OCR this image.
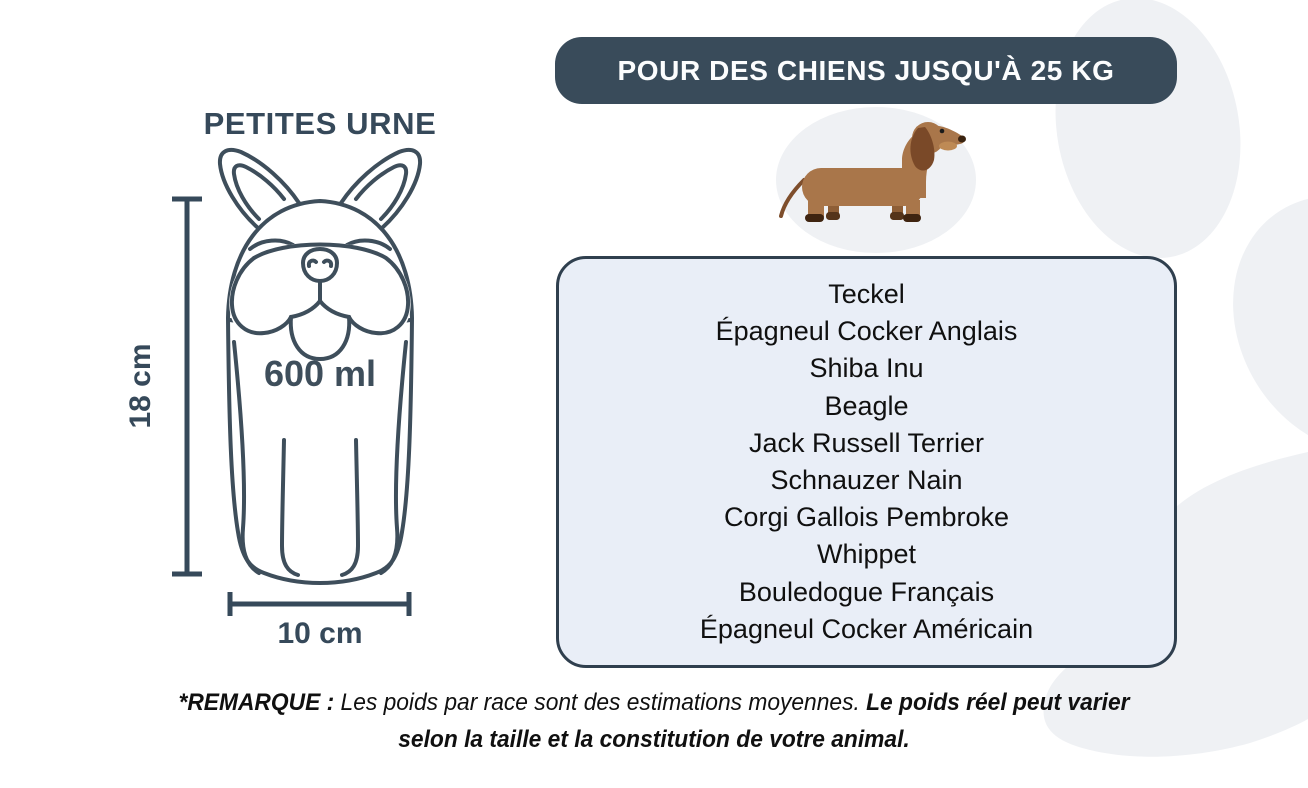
POUR DES CHIENS JUSQU'À 25 KG
PETITES URNE
600 ml
18 cm
10 cm
Teckel
Épagneul Cocker Anglais
Shiba Inu
Beagle
Jack Russell Terrier
Schnauzer Nain
Corgi Gallois Pembroke
Whippet
Bouledogue Français
Épagneul Cocker Américain

*REMARQUE : Les poids par race sont des estimations moyennes. Le poids réel peut varier selon la taille et la constitution de votre animal.
